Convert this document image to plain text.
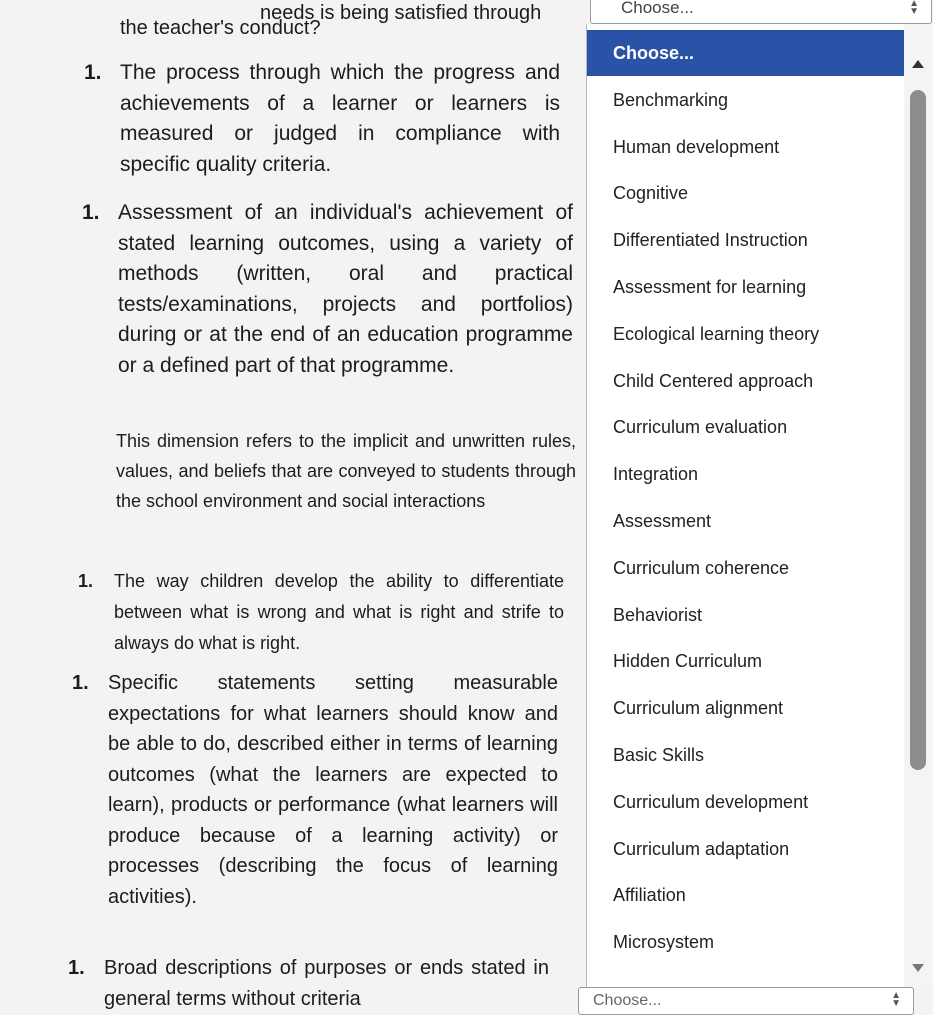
needs is being satisfied through
the teacher's conduct?
1. The process through which the progress and achievements of a learner or learners is measured or judged in compliance with specific quality criteria.
1. Assessment of an individual's achievement of stated learning outcomes, using a variety of methods (written, oral and practical tests/examinations, projects and portfolios) during or at the end of an education programme or a defined part of that programme.
This dimension refers to the implicit and unwritten rules, values, and beliefs that are conveyed to students through the school environment and social interactions
1. The way children develop the ability to differentiate between what is wrong and what is right and strife to always do what is right.
1. Specific statements setting measurable expectations for what learners should know and be able to do, described either in terms of learning outcomes (what the learners are expected to learn), products or performance (what learners will produce because of a learning activity) or processes (describing the focus of learning activities).
1. Broad descriptions of purposes or ends stated in general terms without criteria
Choose...	▲
▼
Choose...
Benchmarking
Human development
Cognitive
Differentiated Instruction
Assessment for learning
Ecological learning theory
Child Centered approach
Curriculum evaluation
Integration
Assessment
Curriculum coherence
Behaviorist
Hidden Curriculum
Curriculum alignment
Basic Skills
Curriculum development
Curriculum adaptation
Affiliation
Microsystem
Choose...	▲
▼
